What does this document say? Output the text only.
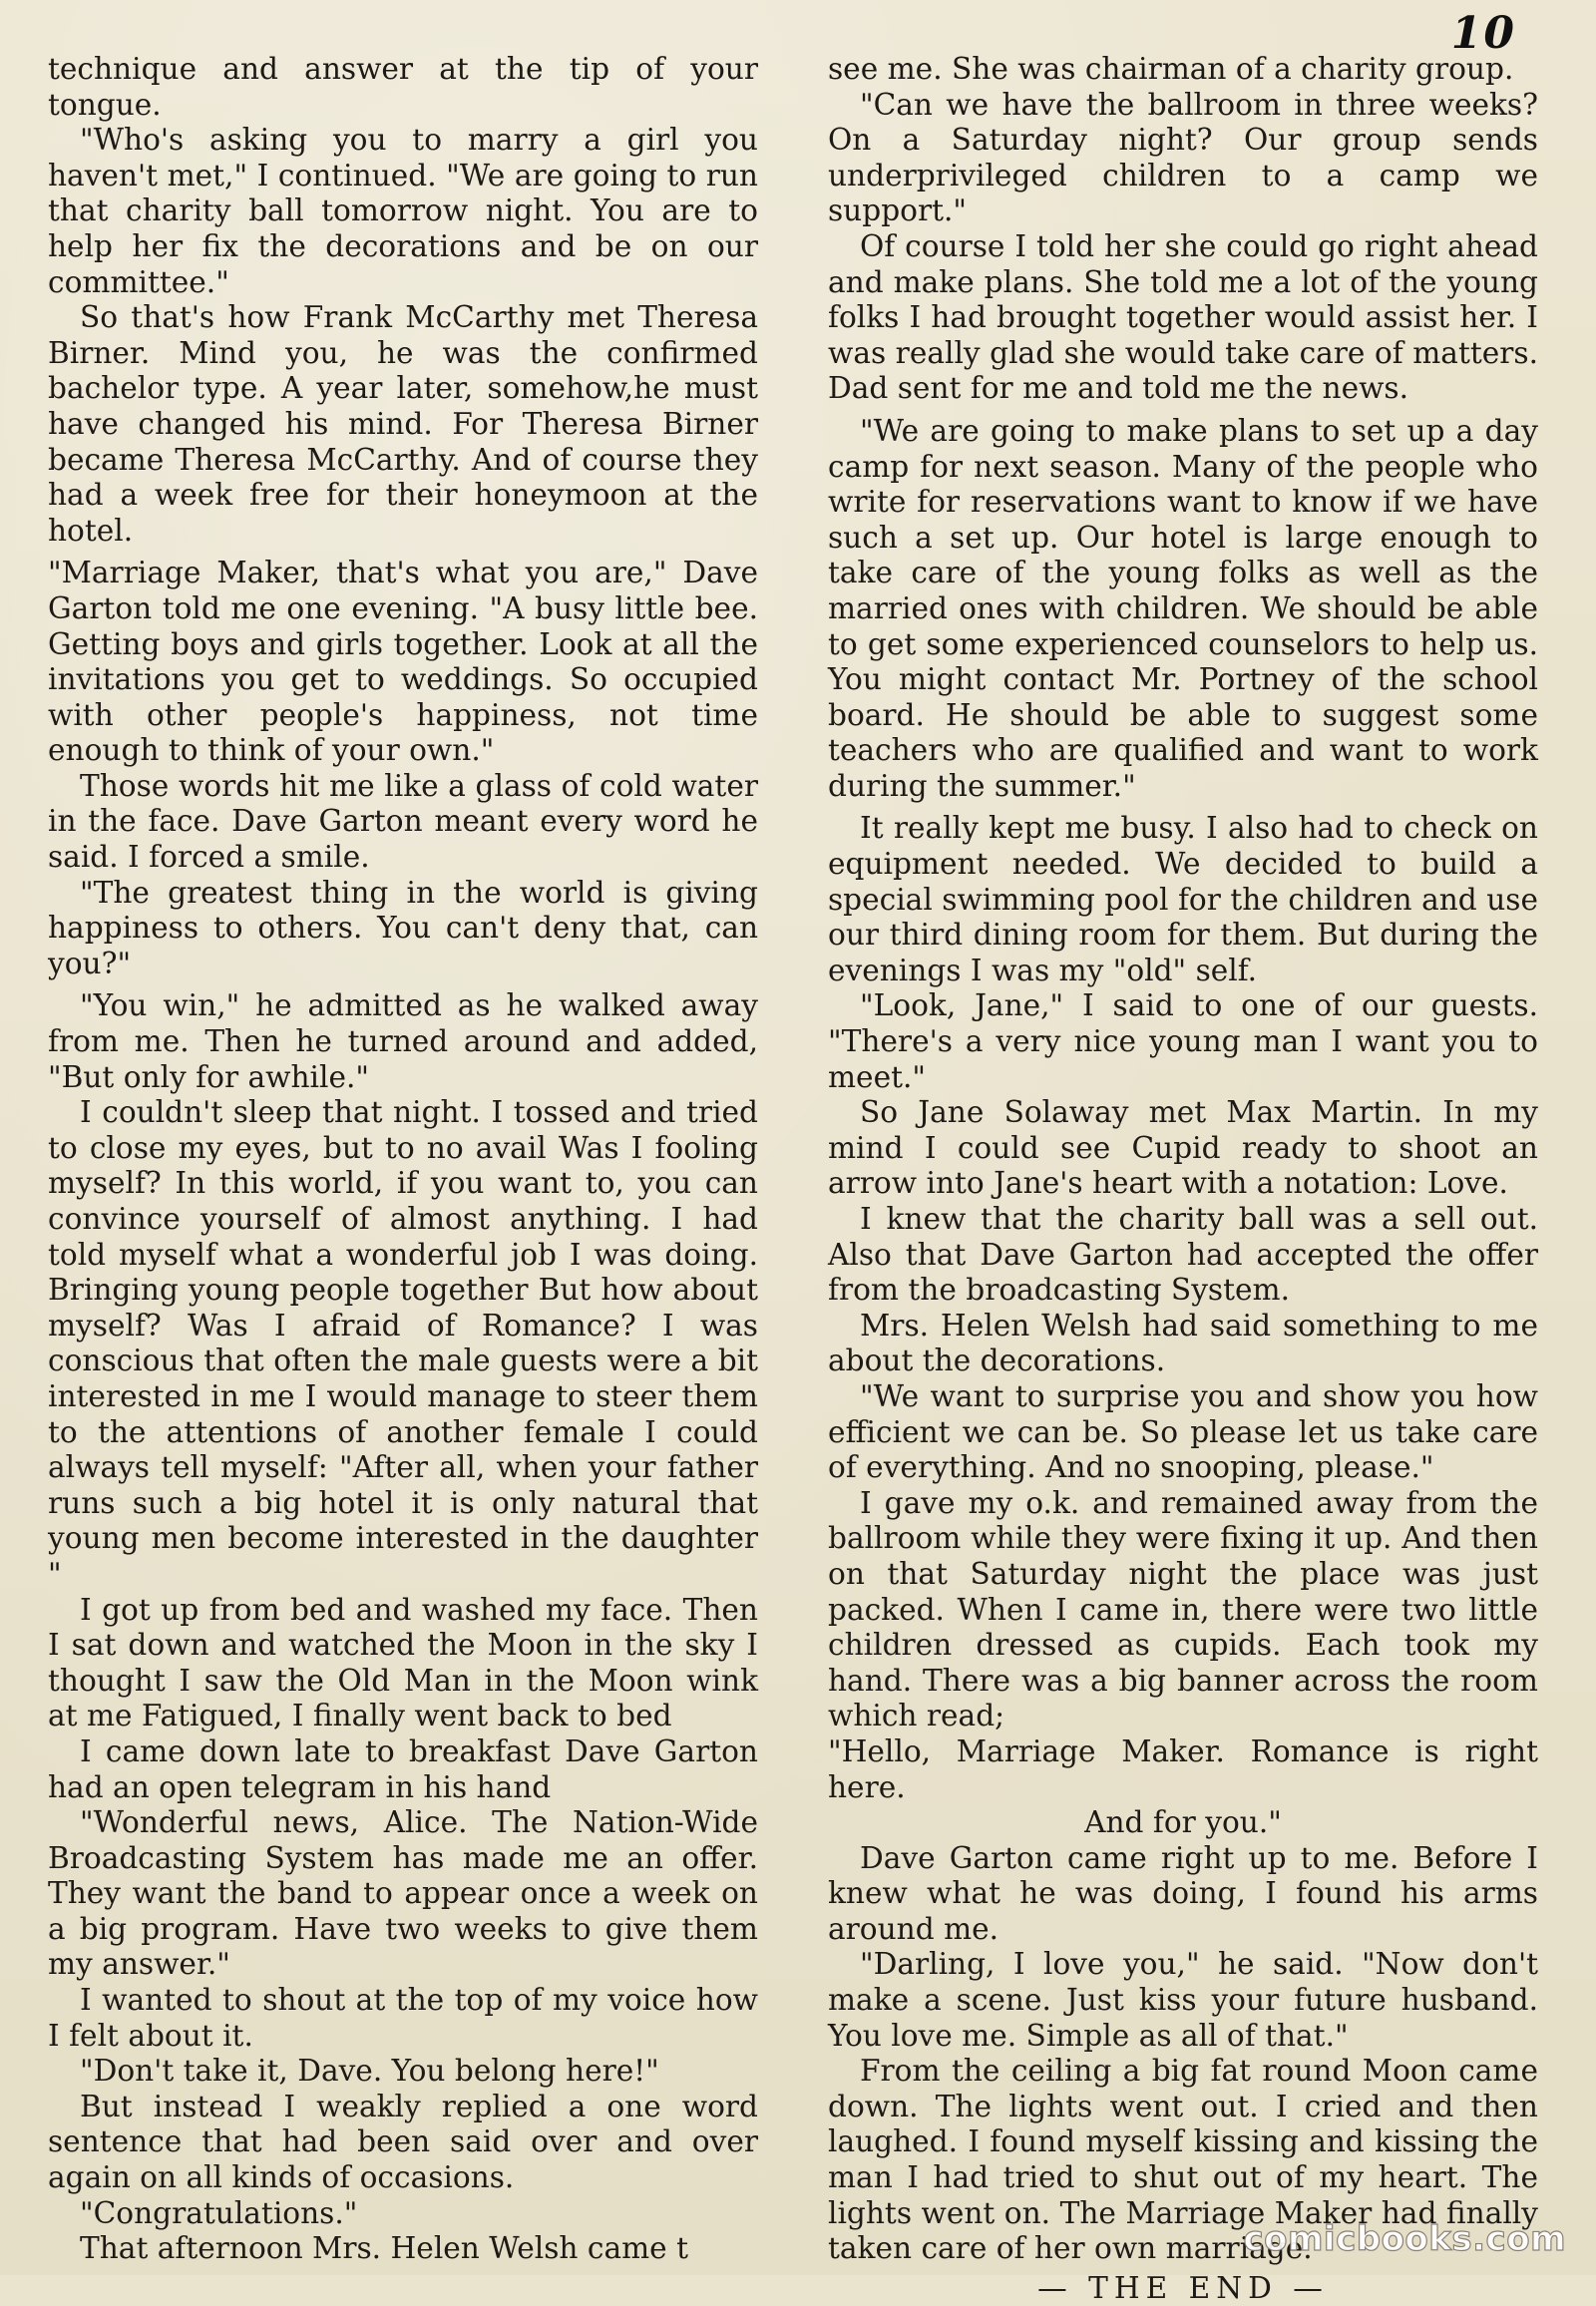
10

technique and answer at the tip of your tongue.

"Who's asking you to marry a girl you haven't met," I continued. "We are going to run that charity ball tomorrow night. You are to help her fix the decorations and be on our committee."

So that's how Frank McCarthy met Theresa Birner. Mind you, he was the confirmed bachelor type. A year later, somehow,he must have changed his mind. For Theresa Birner became Theresa McCarthy. And of course they had a week free for their honeymoon at the hotel.

"Marriage Maker, that's what you are," Dave Garton told me one evening. "A busy little bee. Getting boys and girls together. Look at all the invitations you get to weddings. So occupied with other people's happiness, not time enough to think of your own."

Those words hit me like a glass of cold water in the face. Dave Garton meant every word he said. I forced a smile.

"The greatest thing in the world is giving happiness to others. You can't deny that, can you?"

"You win," he admitted as he walked away from me. Then he turned around and added, "But only for awhile."

I couldn't sleep that night. I tossed and tried to close my eyes, but to no avail Was I fooling myself? In this world, if you want to, you can convince yourself of almost anything. I had told myself what a wonderful job I was doing. Bringing young people together But how about myself? Was I afraid of Romance? I was conscious that often the male guests were a bit interested in me I would manage to steer them to the attentions of another female I could always tell myself: "After all, when your father runs such a big hotel it is only natural that young men become interested in the daughter "

I got up from bed and washed my face. Then I sat down and watched the Moon in the sky I thought I saw the Old Man in the Moon wink at me Fatigued, I finally went back to bed

I came down late to breakfast Dave Garton had an open telegram in his hand

"Wonderful news, Alice. The Nation-Wide Broadcasting System has made me an offer. They want the band to appear once a week on a big program. Have two weeks to give them my answer."

I wanted to shout at the top of my voice how I felt about it.

"Don't take it, Dave. You belong here!"

But instead I weakly replied a one word sentence that had been said over and over again on all kinds of occasions.

"Congratulations."

That afternoon Mrs. Helen Welsh came t

see me. She was chairman of a charity group.

"Can we have the ballroom in three weeks? On a Saturday night? Our group sends underprivileged children to a camp we support."

Of course I told her she could go right ahead and make plans. She told me a lot of the young folks I had brought together would assist her. I was really glad she would take care of matters. Dad sent for me and told me the news.

"We are going to make plans to set up a day camp for next season. Many of the people who write for reservations want to know if we have such a set up. Our hotel is large enough to take care of the young folks as well as the married ones with children. We should be able to get some experienced counselors to help us. You might contact Mr. Portney of the school board. He should be able to suggest some teachers who are qualified and want to work during the summer."

It really kept me busy. I also had to check on equipment needed. We decided to build a special swimming pool for the children and use our third dining room for them. But during the evenings I was my "old" self.

"Look, Jane," I said to one of our guests. "There's a very nice young man I want you to meet."

So Jane Solaway met Max Martin. In my mind I could see Cupid ready to shoot an arrow into Jane's heart with a notation: Love.

I knew that the charity ball was a sell out. Also that Dave Garton had accepted the offer from the broadcasting System.

Mrs. Helen Welsh had said something to me about the decorations.

"We want to surprise you and show you how efficient we can be. So please let us take care of everything. And no snooping, please."

I gave my o.k. and remained away from the ballroom while they were fixing it up. And then on that Saturday night the place was just packed. When I came in, there were two little children dressed as cupids. Each took my hand. There was a big banner across the room which read;

"Hello, Marriage Maker. Romance is right here.

And for you."

Dave Garton came right up to me. Before I knew what he was doing, I found his arms around me.

"Darling, I love you," he said. "Now don't make a scene. Just kiss your future husband. You love me. Simple as all of that."

From the ceiling a big fat round Moon came down. The lights went out. I cried and then laughed. I found myself kissing and kissing the man I had tried to shut out of my heart. The lights went on. The Marriage Maker had finally taken care of her own marriage.

— THE END —

comicbooks.com
